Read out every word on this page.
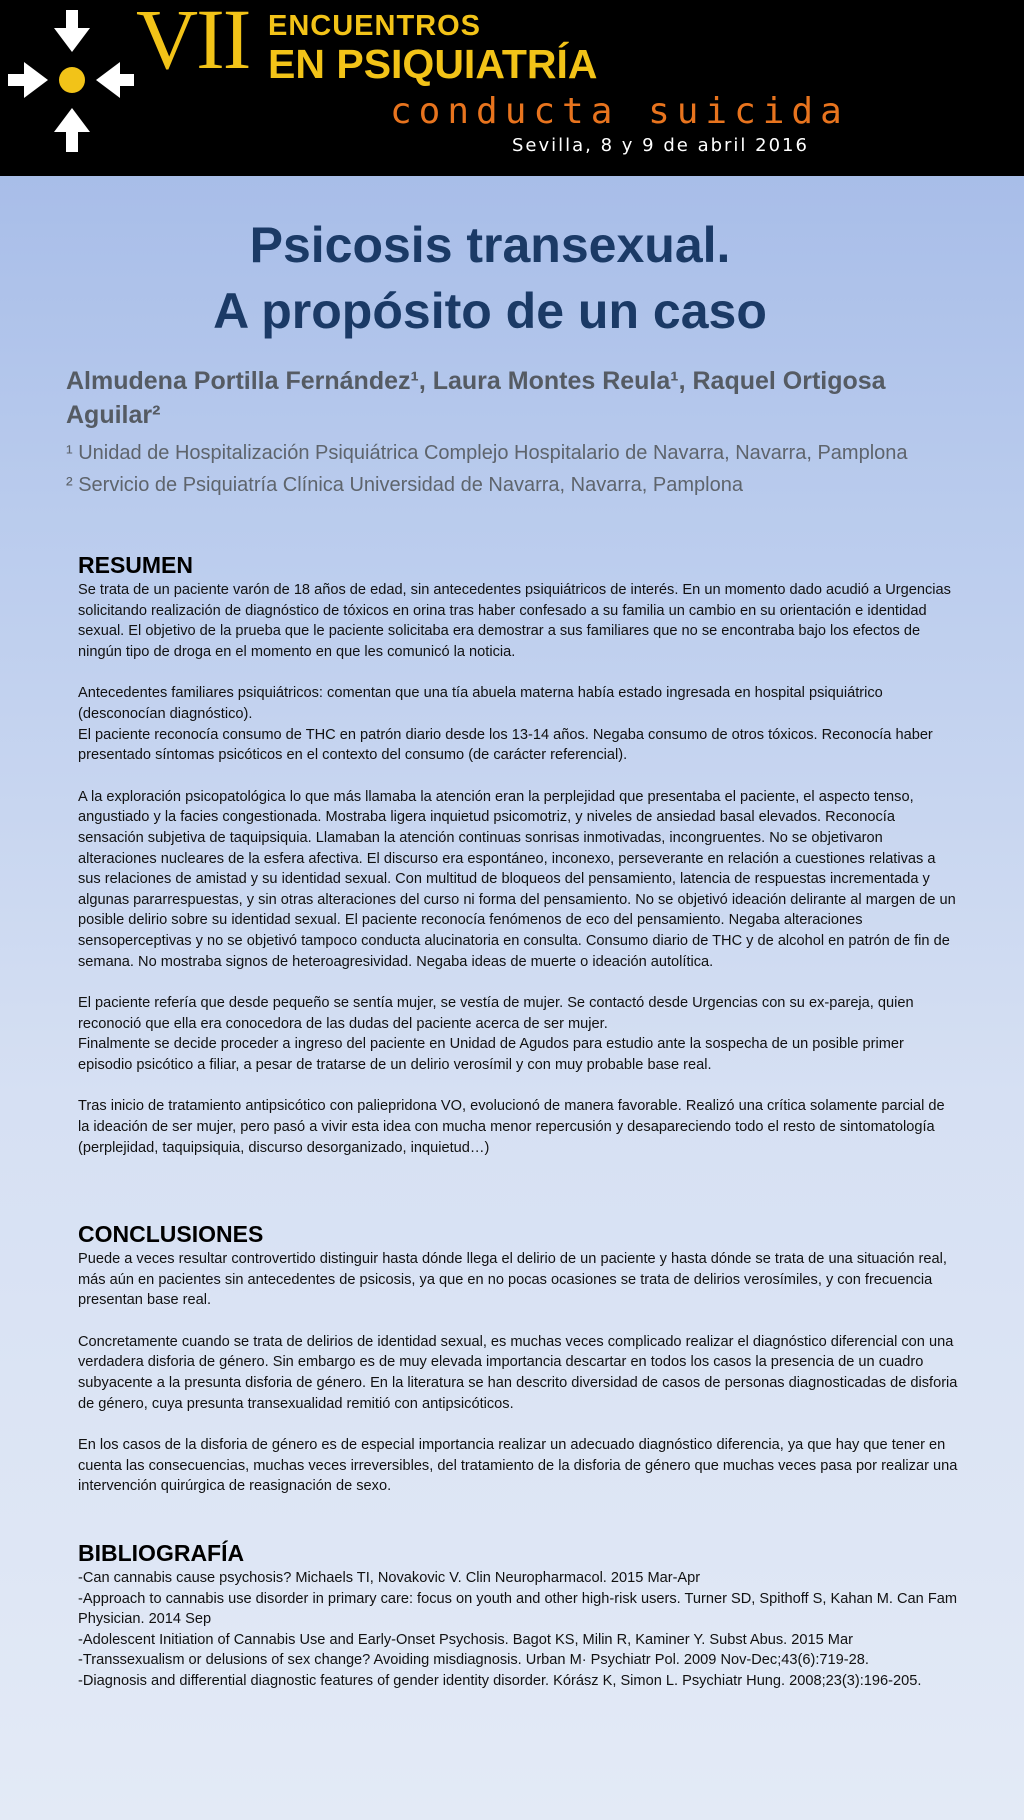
VII ENCUENTROS
EN PSIQUIATRÍA
conducta suicida
Sevilla, 8 y 9 de abril 2016
Psicosis transexual.
A propósito de un caso
Almudena Portilla Fernández¹, Laura Montes Reula¹, Raquel Ortigosa Aguilar²
¹ Unidad de Hospitalización Psiquiátrica Complejo Hospitalario de Navarra, Navarra, Pamplona
² Servicio de Psiquiatría Clínica Universidad de Navarra, Navarra, Pamplona
RESUMEN

Se trata de un paciente varón de 18 años de edad, sin antecedentes psiquiátricos de interés. En un momento dado acudió a Urgencias solicitando realización de diagnóstico de tóxicos en orina tras haber confesado a su familia un cambio en su orientación e identidad sexual. El objetivo de la prueba que le paciente solicitaba era demostrar a sus familiares que no se encontraba bajo los efectos de ningún tipo de droga en el momento en que les comunicó la noticia.

Antecedentes familiares psiquiátricos: comentan que una tía abuela materna había estado ingresada en hospital psiquiátrico (desconocían diagnóstico).
El paciente reconocía consumo de THC en patrón diario desde los 13-14 años. Negaba consumo de otros tóxicos. Reconocía haber presentado síntomas psicóticos en el contexto del consumo (de carácter referencial).

A la exploración psicopatológica lo que más llamaba la atención eran la perplejidad que presentaba el paciente, el aspecto tenso, angustiado y la facies congestionada. Mostraba ligera inquietud psicomotriz, y niveles de ansiedad basal elevados. Reconocía sensación subjetiva de taquipsiquia. Llamaban la atención continuas sonrisas inmotivadas, incongruentes. No se objetivaron alteraciones nucleares de la esfera afectiva. El discurso era espontáneo, inconexo, perseverante en relación a cuestiones relativas a sus relaciones de amistad y su identidad sexual. Con multitud de bloqueos del pensamiento, latencia de respuestas incrementada y algunas pararrespuestas, y sin otras alteraciones del curso ni forma del pensamiento. No se objetivó ideación delirante al margen de un posible delirio sobre su identidad sexual. El paciente reconocía fenómenos de eco del pensamiento. Negaba alteraciones sensoperceptivas y no se objetivó tampoco conducta alucinatoria en consulta. Consumo diario de THC y de alcohol en patrón de fin de semana. No mostraba signos de heteroagresividad. Negaba ideas de muerte o ideación autolítica.

El paciente refería que desde pequeño se sentía mujer, se vestía de mujer. Se contactó desde Urgencias con su ex-pareja, quien reconoció que ella era conocedora de las dudas del paciente acerca de ser mujer.
Finalmente se decide proceder a ingreso del paciente en Unidad de Agudos para estudio ante la sospecha de un posible primer episodio psicótico a filiar, a pesar de tratarse de un delirio verosímil y con muy probable base real.

Tras inicio de tratamiento antipsicótico con paliepridona VO, evolucionó de manera favorable. Realizó una crítica solamente parcial de la ideación de ser mujer, pero pasó a vivir esta idea con mucha menor repercusión y desapareciendo todo el resto de sintomatología (perplejidad, taquipsiquia, discurso desorganizado, inquietud…)

CONCLUSIONES

Puede a veces resultar controvertido distinguir hasta dónde llega el delirio de un paciente y hasta dónde se trata de una situación real, más aún en pacientes sin antecedentes de psicosis, ya que en no pocas ocasiones se trata de delirios verosímiles, y con frecuencia presentan base real.

Concretamente cuando se trata de delirios de identidad sexual, es muchas veces complicado realizar el diagnóstico diferencial con una verdadera disforia de género. Sin embargo es de muy elevada importancia descartar en todos los casos la presencia de un cuadro subyacente a la presunta disforia de género. En la literatura se han descrito diversidad de casos de personas diagnosticadas de disforia de género, cuya presunta transexualidad remitió con antipsicóticos.

En los casos de la disforia de género es de especial importancia realizar un adecuado diagnóstico diferencia, ya que hay que tener en cuenta las consecuencias, muchas veces irreversibles, del tratamiento de la disforia de género que muchas veces pasa por realizar una intervención quirúrgica de reasignación de sexo.

BIBLIOGRAFÍA

-Can cannabis cause psychosis? Michaels TI, Novakovic V. Clin Neuropharmacol. 2015 Mar-Apr

-Approach to cannabis use disorder in primary care: focus on youth and other high-risk users. Turner SD, Spithoff S, Kahan M. Can Fam Physician. 2014 Sep

-Adolescent Initiation of Cannabis Use and Early-Onset Psychosis. Bagot KS, Milin R, Kaminer Y. Subst Abus. 2015 Mar

-Transsexualism or delusions of sex change? Avoiding misdiagnosis. Urban M· Psychiatr Pol. 2009 Nov-Dec;43(6):719-28.

-Diagnosis and differential diagnostic features of gender identity disorder. Kórász K, Simon L. Psychiatr Hung. 2008;23(3):196-205.
